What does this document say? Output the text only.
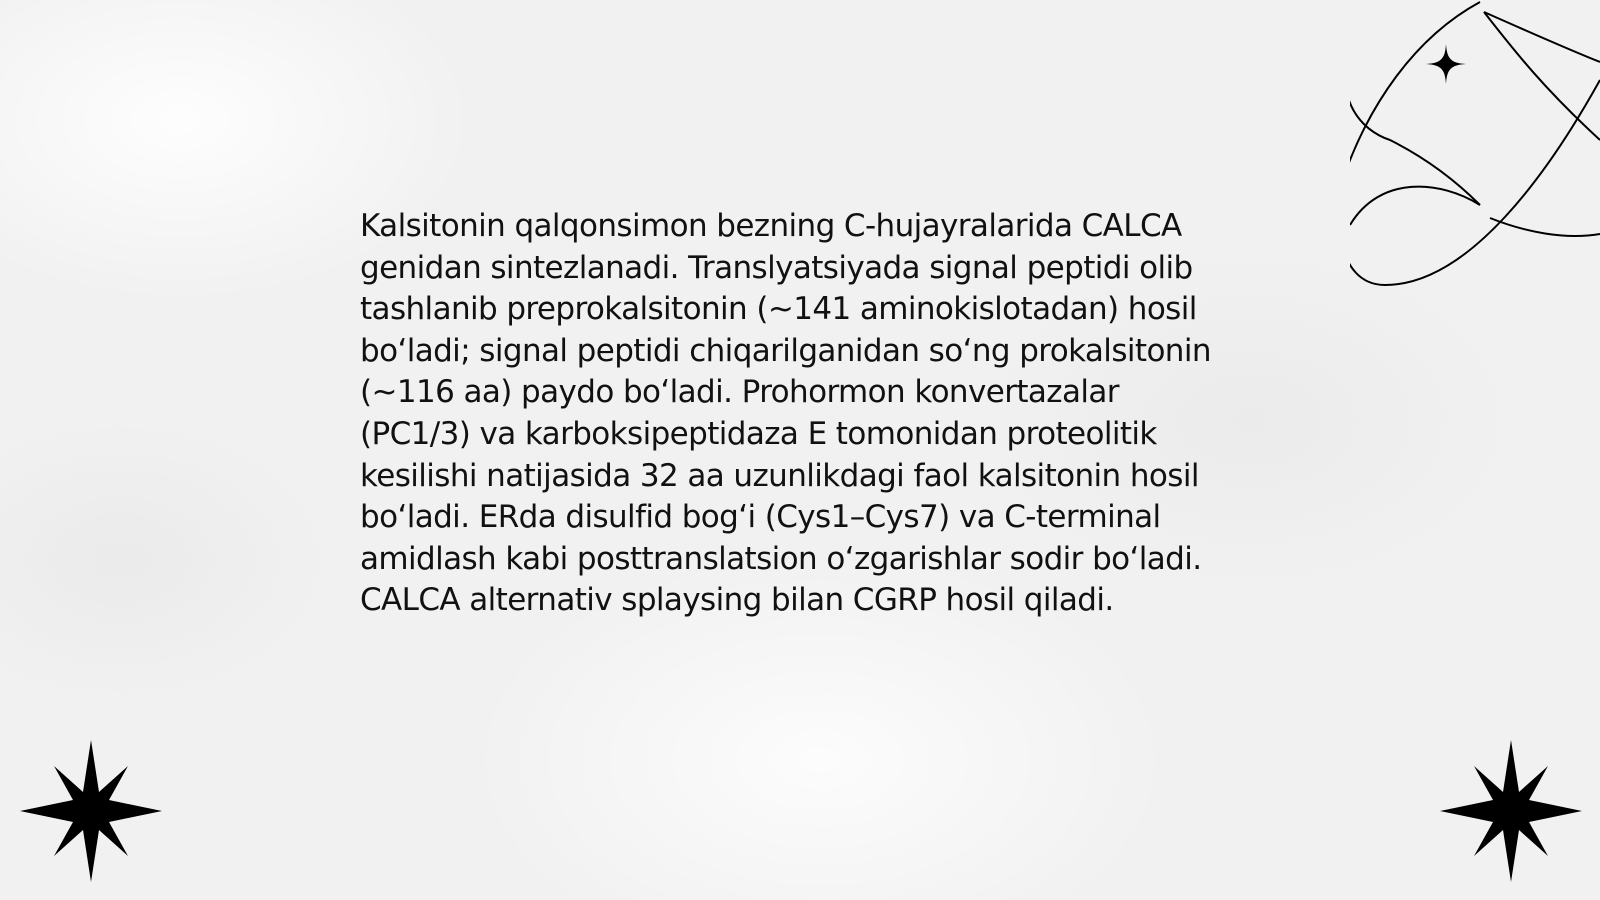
Kalsitonin qalqonsimon bezning C-hujayralarida CALCA genidan sintezlanadi. Translyatsiyada signal peptidi olib tashlanib preprokalsitonin (~141 aminokislotadan) hosil bo‘ladi; signal peptidi chiqarilganidan so‘ng prokalsitonin (~116 aa) paydo bo‘ladi. Prohormon konvertazalar (PC1/3) va karboksipeptidaza E tomonidan proteolitik kesilishi natijasida 32 aa uzunlikdagi faol kalsitonin hosil bo‘ladi. ERda disulfid bog‘i (Cys1–Cys7) va C-terminal amidlash kabi posttranslatsion o‘zgarishlar sodir bo‘ladi. CALCA alternativ splaysing bilan CGRP hosil qiladi.
